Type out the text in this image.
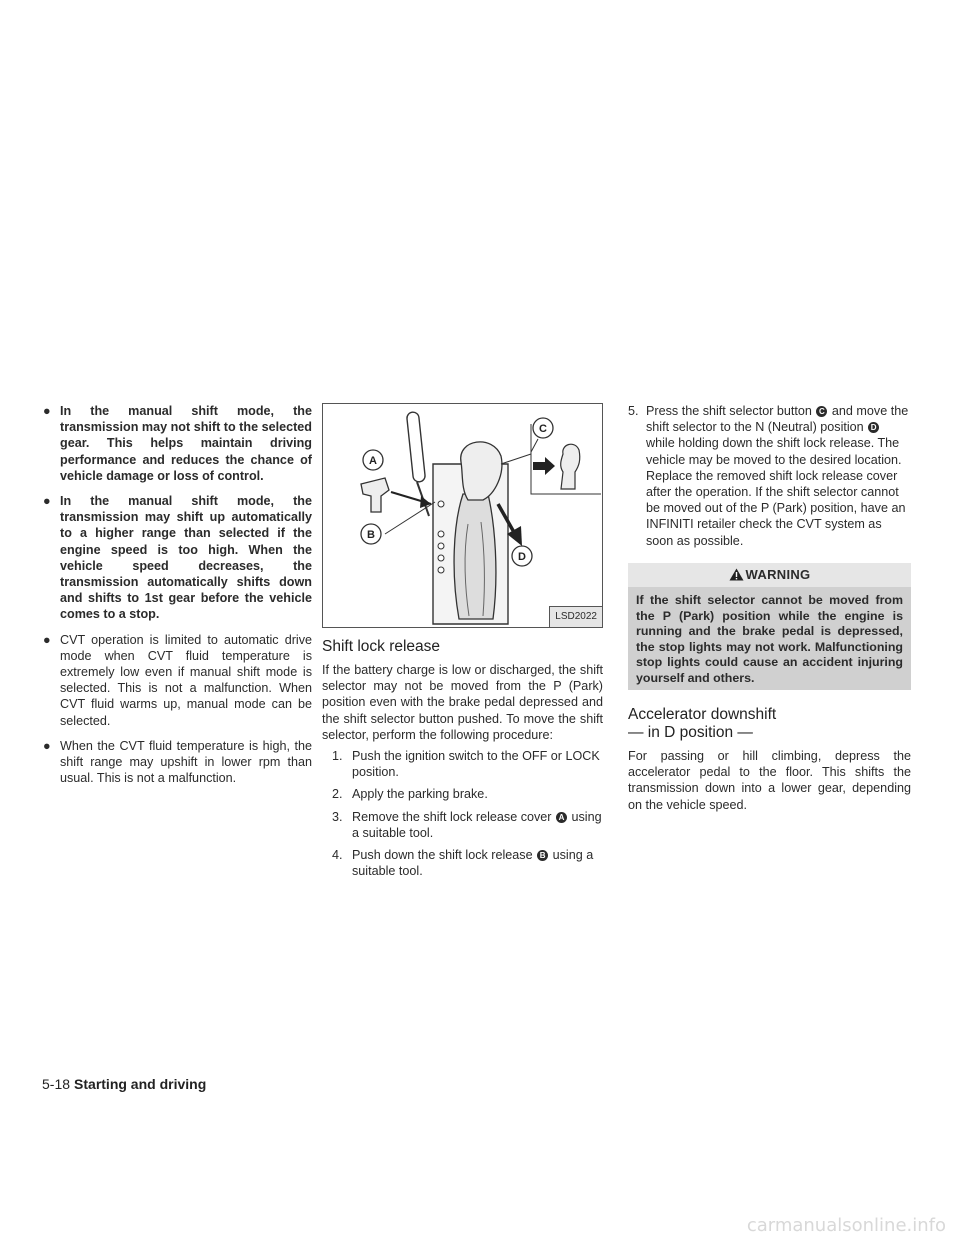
● In the manual shift mode, the transmission may not shift to the selected gear. This helps maintain driving performance and reduces the chance of vehicle damage or loss of control.
● In the manual shift mode, the transmission may shift up automatically to a higher range than selected if the engine speed is too high. When the vehicle speed decreases, the transmission automatically shifts down and shifts to 1st gear before the vehicle comes to a stop.
● CVT operation is limited to automatic drive mode when CVT fluid temperature is extremely low even if manual shift mode is selected. This is not a malfunction. When CVT fluid warms up, manual mode can be selected.
● When the CVT fluid temperature is high, the shift range may upshift in lower rpm than usual. This is not a malfunction.
A
B
C
D
LSD2022
Shift lock release

If the battery charge is low or discharged, the shift selector may not be moved from the P (Park) position even with the brake pedal depressed and the shift selector button pushed. To move the shift selector, perform the following procedure:

1. Push the ignition switch to the OFF or LOCK position.
2. Apply the parking brake.
3. Remove the shift lock release cover A using a suitable tool.
4. Push down the shift lock release B using a suitable tool.
5. Press the shift selector button C and move the shift selector to the N (Neutral) position D while holding down the shift lock release. The vehicle may be moved to the desired location. Replace the removed shift lock release cover after the operation. If the shift selector cannot be moved out of the P (Park) position, have an INFINITI retailer check the CVT system as soon as possible.
WARNING
If the shift selector cannot be moved from the P (Park) position while the engine is running and the brake pedal is depressed, the stop lights may not work. Malfunctioning stop lights could cause an accident injuring yourself and others.
Accelerator downshift
— in D position —

For passing or hill climbing, depress the accelerator pedal to the floor. This shifts the transmission down into a lower gear, depending on the vehicle speed.

5-18 Starting and driving
carmanualsonline.info
